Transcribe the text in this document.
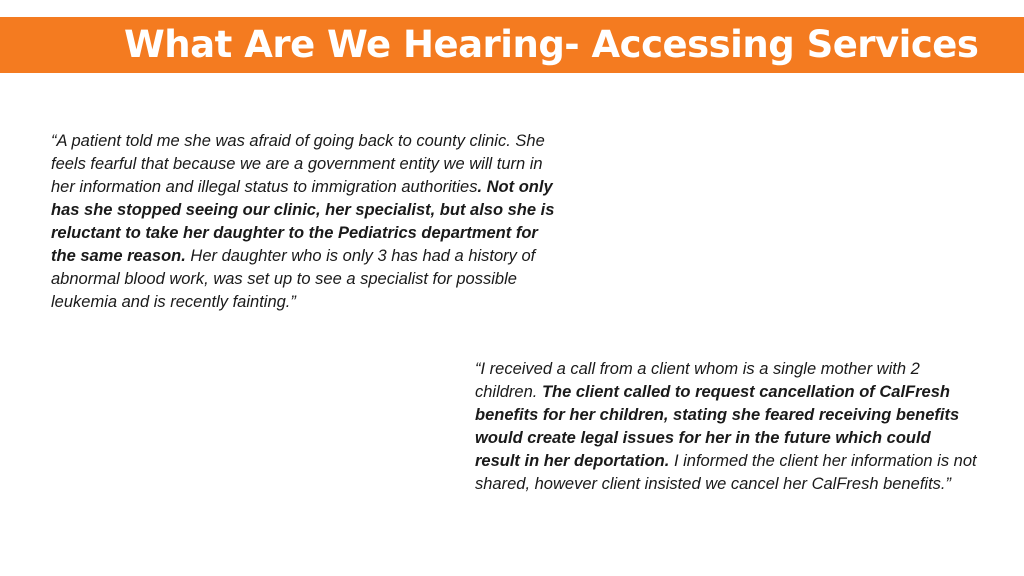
What Are We Hearing- Accessing Services

“A patient told me she was afraid of going back to county clinic. She feels fearful that because we are a government entity we will turn in her information and illegal status to immigration authorities. Not only has she stopped seeing our clinic, her specialist, but also she is reluctant to take her daughter to the Pediatrics department for the same reason. Her daughter who is only 3 has had a history of abnormal blood work, was set up to see a specialist for possible leukemia and is recently fainting.”

“I received a call from a client whom is a single mother with 2 children. The client called to request cancellation of CalFresh benefits for her children, stating she feared receiving benefits would create legal issues for her in the future which could result in her deportation. I informed the client her information is not shared, however client insisted we cancel her CalFresh benefits.”
